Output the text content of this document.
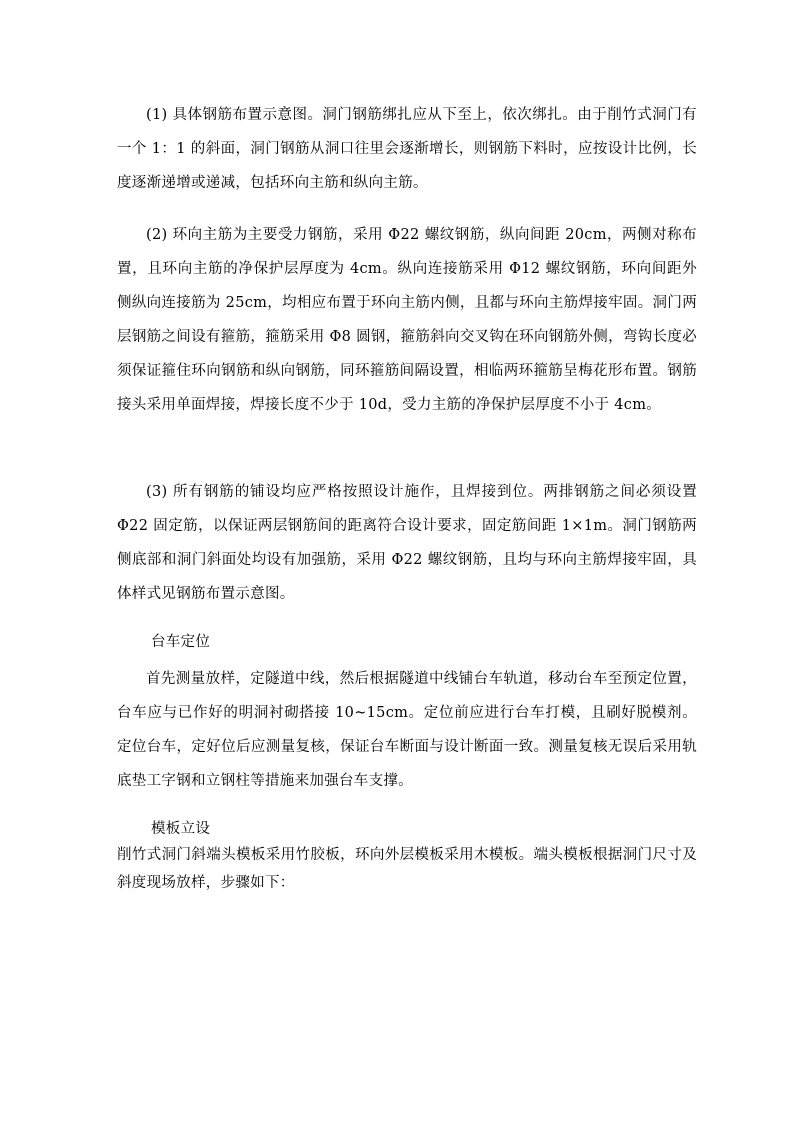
(1) 具体钢筋布置示意图。洞门钢筋绑扎应从下至上，依次绑扎。由于削竹式洞门有一个 1：1 的斜面，洞门钢筋从洞口往里会逐渐增长，则钢筋下料时，应按设计比例，长度逐渐递增或递减，包括环向主筋和纵向主筋。

(2) 环向主筋为主要受力钢筋，采用 Φ22 螺纹钢筋，纵向间距 20cm，两侧对称布置，且环向主筋的净保护层厚度为 4cm。纵向连接筋采用 Φ12 螺纹钢筋，环向间距外侧纵向连接筋为 25cm，均相应布置于环向主筋内侧，且都与环向主筋焊接牢固。洞门两层钢筋之间设有箍筋，箍筋采用 Φ8 圆钢，箍筋斜向交叉钩在环向钢筋外侧，弯钩长度必须保证箍住环向钢筋和纵向钢筋，同环箍筋间隔设置，相临两环箍筋呈梅花形布置。钢筋接头采用单面焊接，焊接长度不少于 10d，受力主筋的净保护层厚度不小于 4cm。

(3) 所有钢筋的铺设均应严格按照设计施作，且焊接到位。两排钢筋之间必须设置 Φ22 固定筋，以保证两层钢筋间的距离符合设计要求，固定筋间距 1×1m。洞门钢筋两侧底部和洞门斜面处均设有加强筋，采用 Φ22 螺纹钢筋，且均与环向主筋焊接牢固，具体样式见钢筋布置示意图。

台车定位

首先测量放样，定隧道中线，然后根据隧道中线铺台车轨道，移动台车至预定位置，台车应与已作好的明洞衬砌搭接 10~15cm。定位前应进行台车打模，且刷好脱模剂。定位台车，定好位后应测量复核，保证台车断面与设计断面一致。测量复核无误后采用轨底垫工字钢和立钢柱等措施来加强台车支撑。

模板立设

削竹式洞门斜端头模板采用竹胶板，环向外层模板采用木模板。端头模板根据洞门尺寸及斜度现场放样，步骤如下：
